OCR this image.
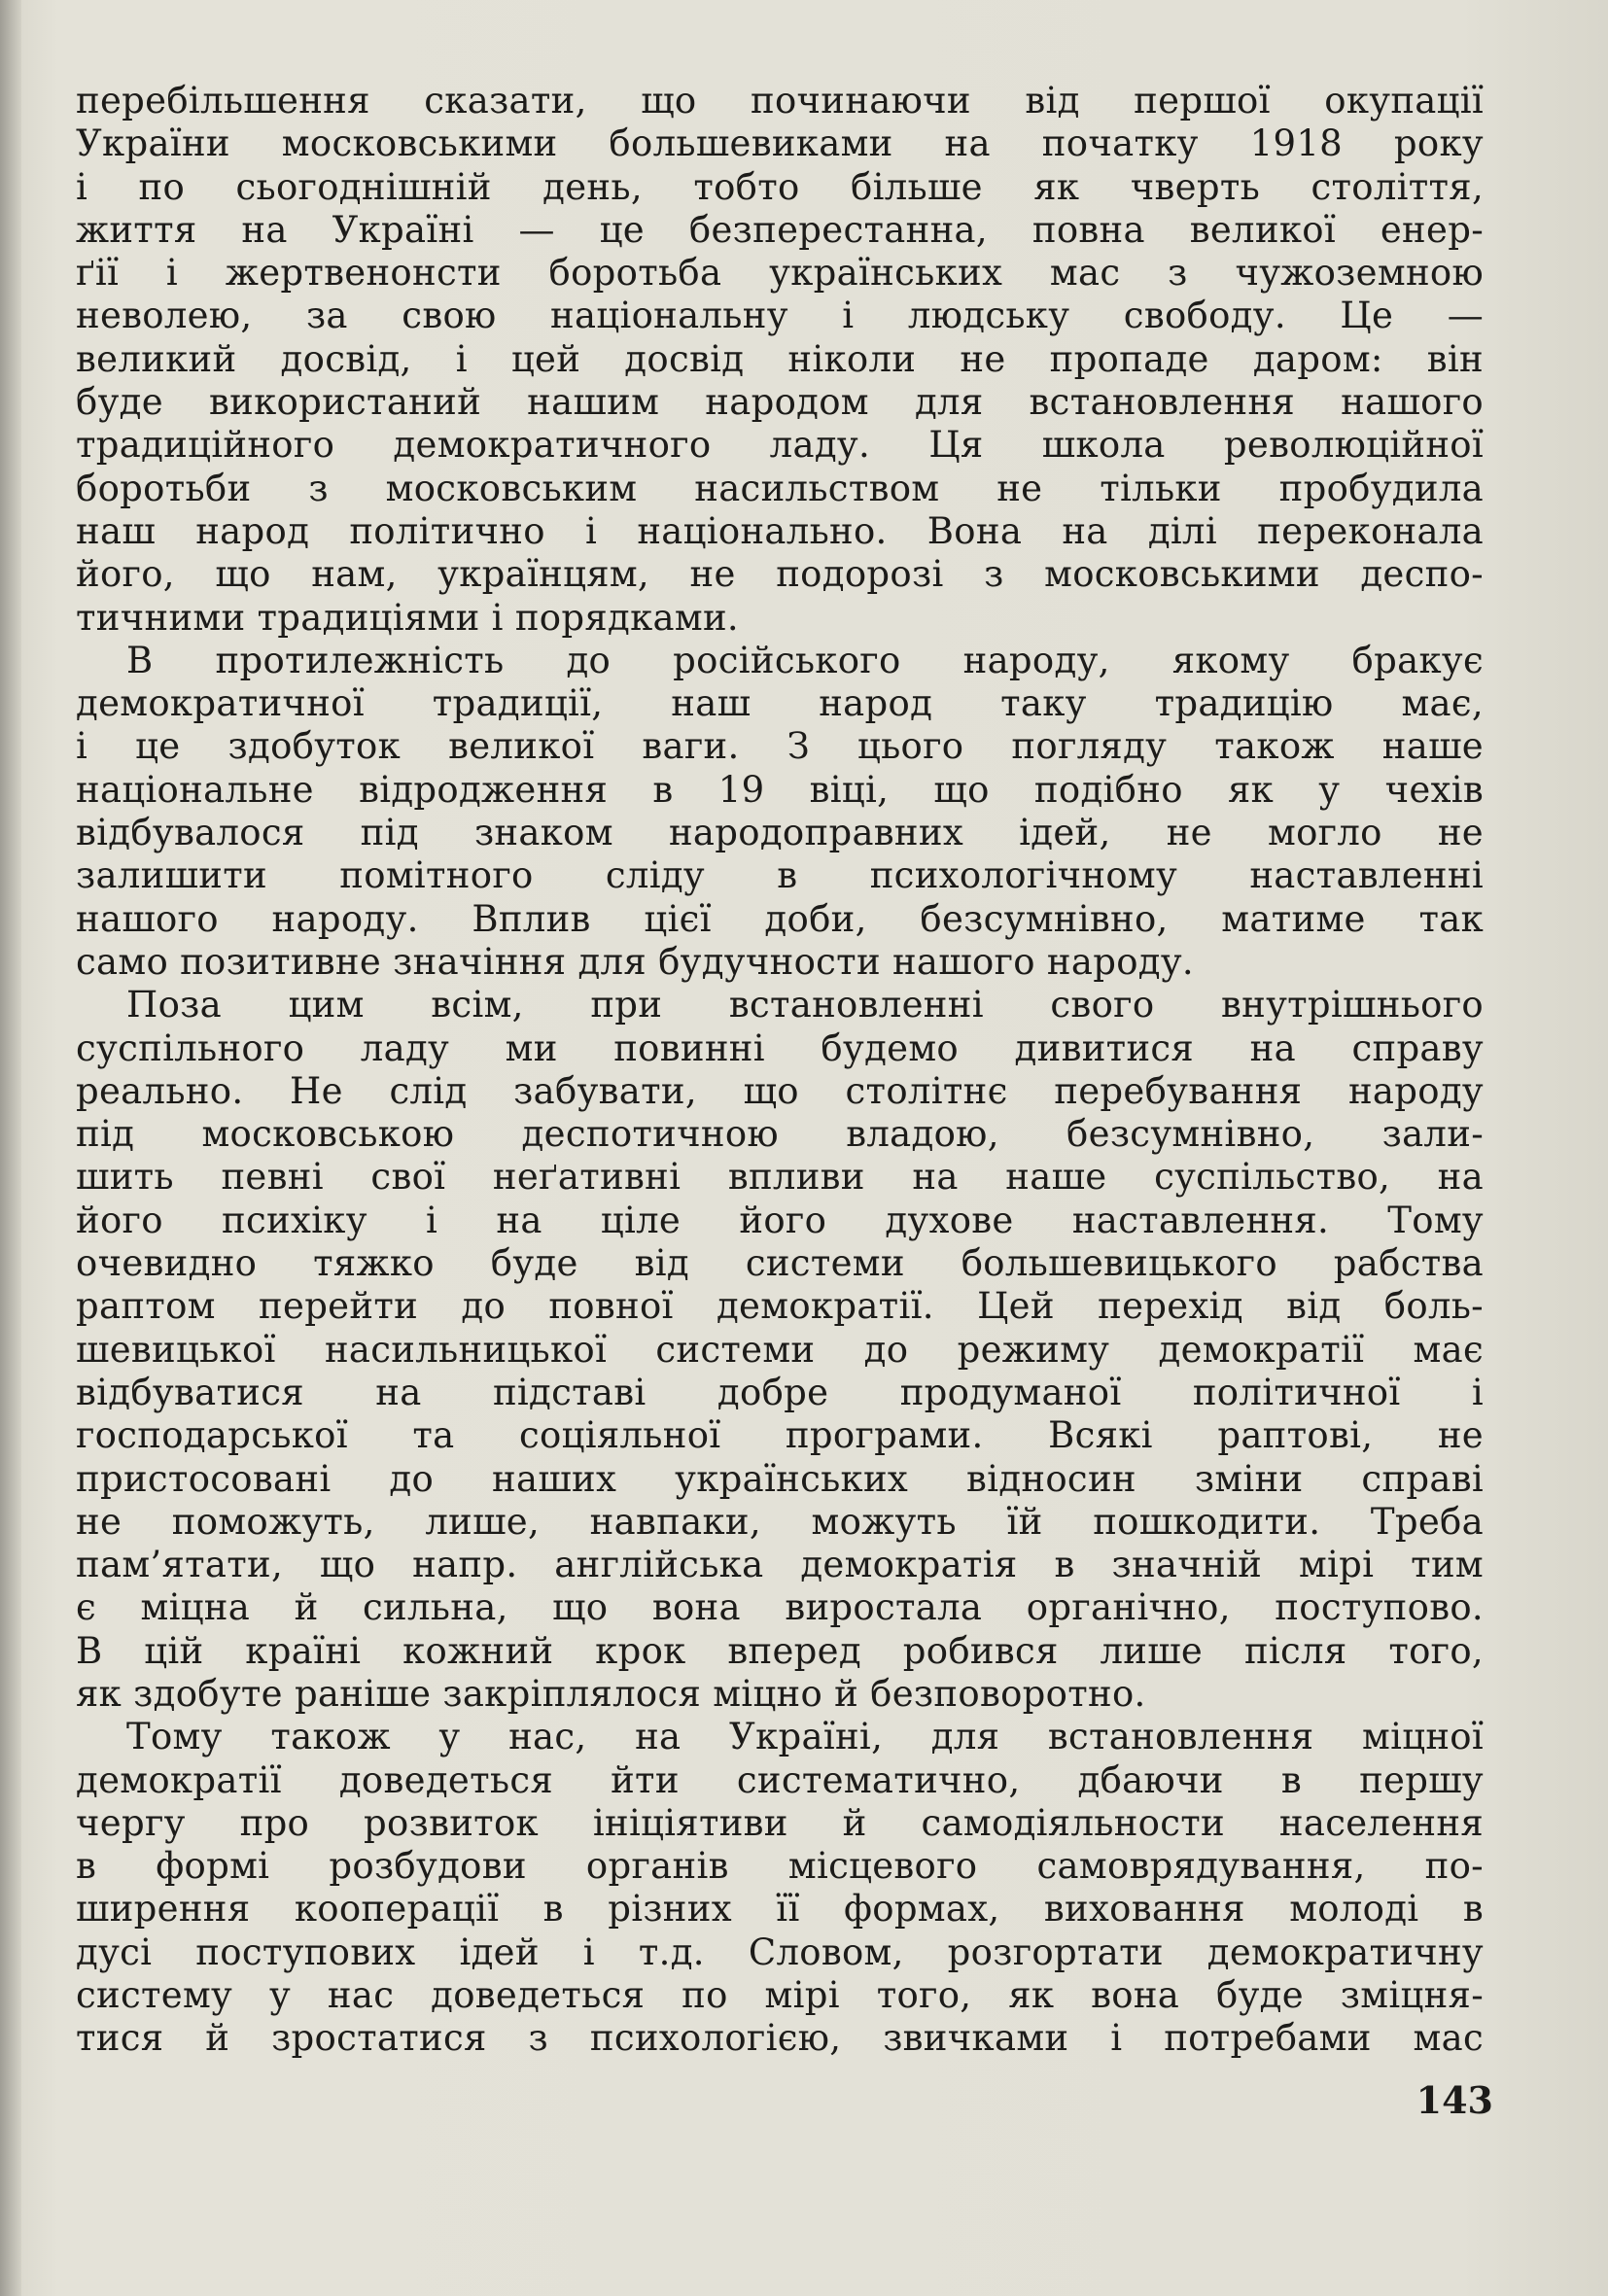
перебільшення сказати, що починаючи від першої окупації
України московськими большевиками на початку 1918 року
і по сьогоднішній день, тобто більше як чверть століття,
життя на Україні — це безперестанна, повна великої енер-
ґії і жертвенонсти боротьба українських мас з чужоземною
неволею, за свою національну і людську свободу. Це —
великий досвід, і цей досвід ніколи не пропаде даром: він
буде використаний нашим народом для встановлення нашого
традиційного демократичного ладу. Ця школа революційної
боротьби з московським насильством не тільки пробудила
наш народ політично і національно. Вона на ділі переконала
його, що нам, українцям, не подорозі з московськими деспо-
тичними традиціями і порядками.
В протилежність до російського народу, якому бракує
демократичної традиції, наш народ таку традицію має,
і це здобуток великої ваги. З цього погляду також наше
національне відродження в 19 віці, що подібно як у чехів
відбувалося під знаком народоправних ідей, не могло не
залишити помітного сліду в психологічному наставленні
нашого народу. Вплив цієї доби, безсумнівно, матиме так
само позитивне значіння для будучности нашого народу.
Поза цим всім, при встановленні свого внутрішнього
суспільного ладу ми повинні будемо дивитися на справу
реально. Не слід забувати, що столітнє перебування народу
під московською деспотичною владою, безсумнівно, зали-
шить певні свої неґативні впливи на наше суспільство, на
його психіку і на ціле його духове наставлення. Тому
очевидно тяжко буде від системи большевицького рабства
раптом перейти до повної демократії. Цей перехід від боль-
шевицької насильницької системи до режиму демократії має
відбуватися на підставі добре продуманої політичної і
господарської та соціяльної програми. Всякі раптові, не
пристосовані до наших українських відносин зміни справі
не поможуть, лише, навпаки, можуть їй пошкодити. Треба
пам’ятати, що напр. англійська демократія в значній мірі тим
є міцна й сильна, що вона виростала органічно, поступово.
В цій країні кожний крок вперед робився лише після того,
як здобуте раніше закріплялося міцно й безповоротно.
Тому також у нас, на Україні, для встановлення міцної
демократії доведеться йти систематично, дбаючи в першу
чергу про розвиток ініціятиви й самодіяльности населення
в формі розбудови органів місцевого самоврядування, по-
ширення кооперації в різних її формах, виховання молоді в
дусі поступових ідей і т.д. Словом, розгортати демократичну
систему у нас доведеться по мірі того, як вона буде зміцня-
тися й зростатися з психологією, звичками і потребами мас
143
